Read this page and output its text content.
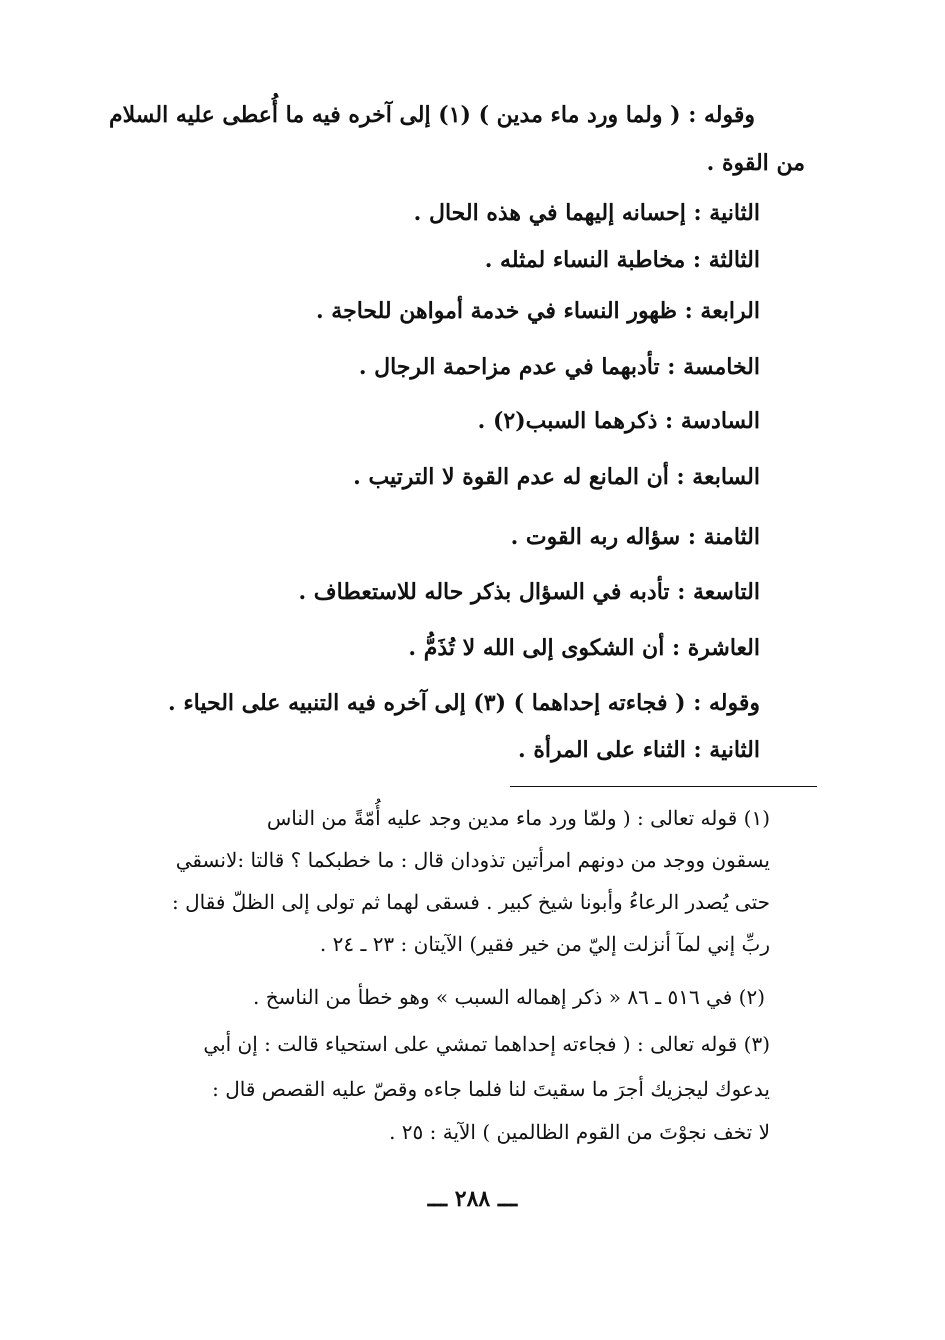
وقوله : ( ولما ورد ماء مدين ) (١) إلى آخره فيه ما أُعطى عليه السلام
من القوة .
الثانية : إحسانه إليهما في هذه الحال .
الثالثة : مخاطبة النساء لمثله .
الرابعة : ظهور النساء في خدمة أمواهن للحاجة .
الخامسة : تأدبهما في عدم مزاحمة الرجال .
السادسة : ذكرهما السبب(٢) .
السابعة : أن المانع له عدم القوة لا الترتيب .
الثامنة : سؤاله ربه القوت .
التاسعة : تأدبه في السؤال بذكر حاله للاستعطاف .
العاشرة : أن الشكوى إلى الله لا تُذَمُّ .
وقوله : ( فجاءته إحداهما ) (٣) إلى آخره فيه التنبيه على الحياء .
الثانية : الثناء على المرأة .
(١) قوله تعالى : ( ولمّا ورد ماء مدين وجد عليه أُمّةً من الناس
يسقون ووجد من دونهم امرأتين تذودان قال : ما خطبكما ؟ قالتا :لانسقي
حتى يُصدر الرعاءُ وأبونا شيخ كبير . فسقى لهما ثم تولى إلى الظلّ فقال :
ربِّ إني لمآ أنزلت إليّ من خير فقير) الآيتان : ٢٣ ـ ٢٤ .
(٢) في ٥١٦ ـ ٨٦ « ذكر إهماله السبب » وهو خطأ من الناسخ .
(٣) قوله تعالى : ( فجاءته إحداهما تمشي على استحياء قالت : إن أبي
يدعوك ليجزيك أجرَ ما سقيتَ لنا فلما جاءه وقصّ عليه القصص قال :
لا تخف نجوْتَ من القوم الظالمين ) الآية : ٢٥ .
ـــ ٢٨٨ ـــ
